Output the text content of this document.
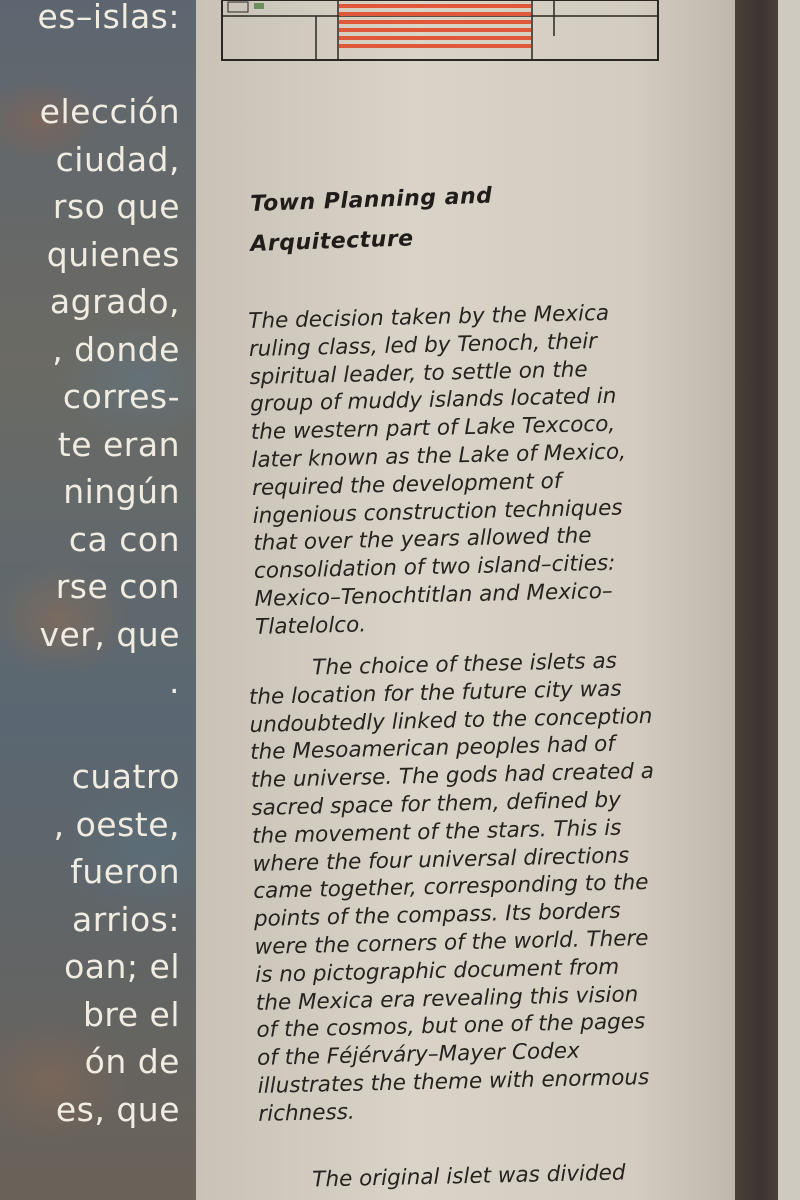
es–islas:
elección
ciudad,
rso que
quienes
agrado,
, donde
corres-
te eran
ningún
ca con
rse con
ver, que
.
cuatro
, oeste,
fueron
arrios:
oan; el
bre el
ón de
es, que
Town Planning and
Arquitecture
The decision taken by the Mexica
ruling class, led by Tenoch, their
spiritual leader, to settle on the
group of muddy islands located in
the western part of Lake Texcoco,
later known as the Lake of Mexico,
required the development of
ingenious construction techniques
that over the years allowed the
consolidation of two island–cities:
Mexico–Tenochtitlan and Mexico–
Tlatelolco.
The choice of these islets as
the location for the future city was
undoubtedly linked to the conception
the Mesoamerican peoples had of
the universe. The gods had created a
sacred space for them, defined by
the movement of the stars. This is
where the four universal directions
came together, corresponding to the
points of the compass. Its borders
were the corners of the world. There
is no pictographic document from
the Mexica era revealing this vision
of the cosmos, but one of the pages
of the Féjérváry–Mayer Codex
illustrates the theme with enormous
richness.
The original islet was divided
